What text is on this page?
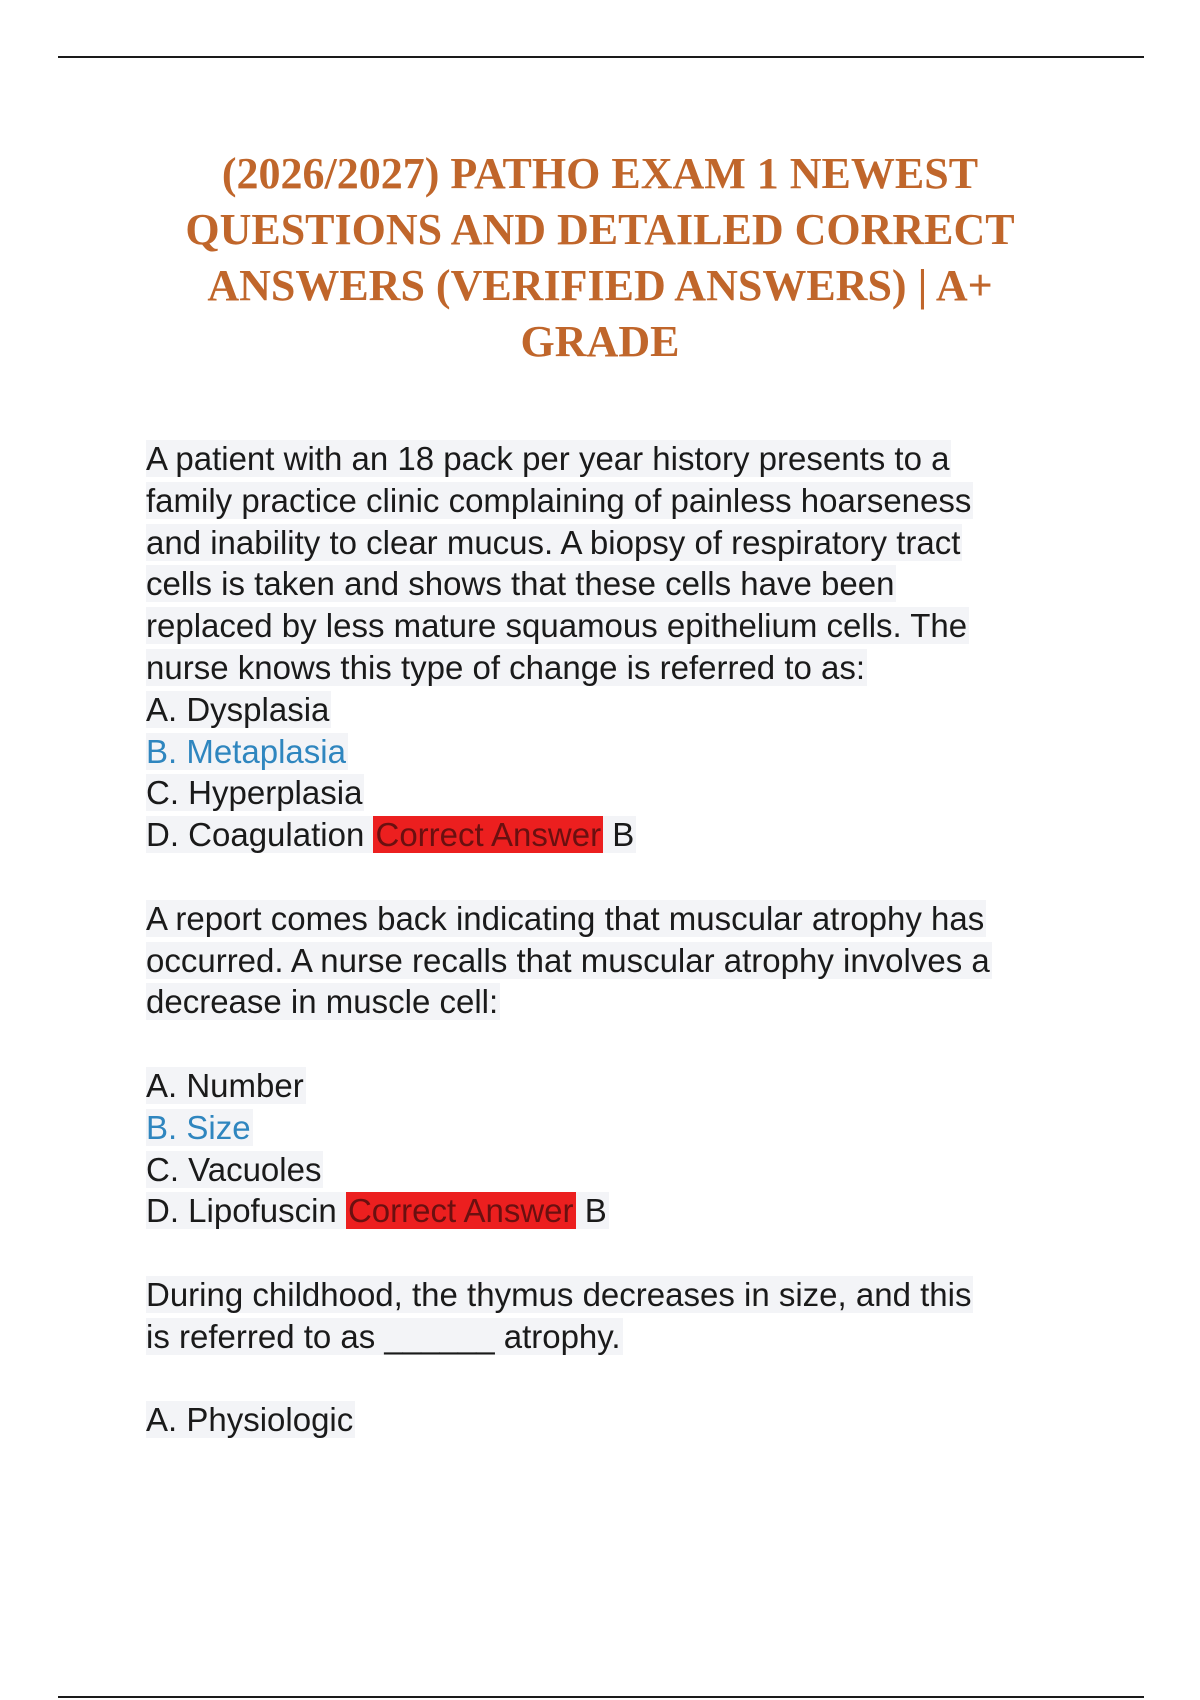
(2026/2027) PATHO EXAM 1 NEWEST
QUESTIONS AND DETAILED CORRECT
ANSWERS (VERIFIED ANSWERS) | A+
GRADE
A patient with an 18 pack per year history presents to a
family practice clinic complaining of painless hoarseness
and inability to clear mucus. A biopsy of respiratory tract
cells is taken and shows that these cells have been
replaced by less mature squamous epithelium cells. The
nurse knows this type of change is referred to as:
A. Dysplasia
B. Metaplasia
C. Hyperplasia
D. Coagulation Correct Answer B
A report comes back indicating that muscular atrophy has
occurred. A nurse recalls that muscular atrophy involves a
decrease in muscle cell:
A. Number
B. Size
C. Vacuoles
D. Lipofuscin Correct Answer B
During childhood, the thymus decreases in size, and this
is referred to as ______ atrophy.
A. Physiologic
